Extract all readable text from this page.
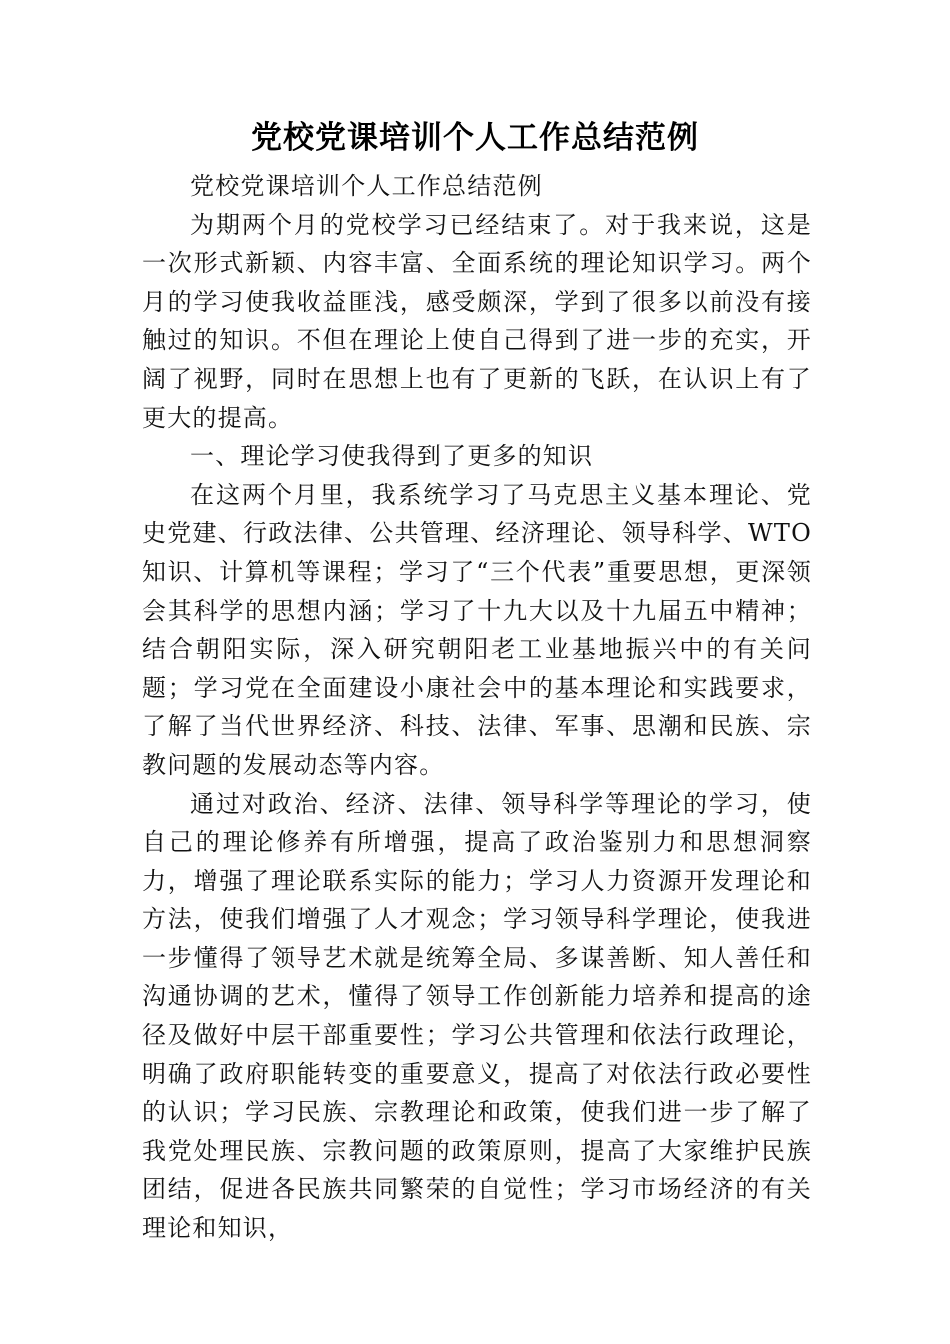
党校党课培训个人工作总结范例

党校党课培训个人工作总结范例

为期两个月的党校学习已经结束了。对于我来说，这是一次形式新颖、内容丰富、全面系统的理论知识学习。两个月的学习使我收益匪浅，感受颇深，学到了很多以前没有接触过的知识。不但在理论上使自己得到了进一步的充实，开阔了视野，同时在思想上也有了更新的飞跃，在认识上有了更大的提高。

一、理论学习使我得到了更多的知识

在这两个月里，我系统学习了马克思主义基本理论、党史党建、行政法律、公共管理、经济理论、领导科学、WTO知识、计算机等课程；学习了“三个代表”重要思想，更深领会其科学的思想内涵；学习了十九大以及十九届五中精神；结合朝阳实际，深入研究朝阳老工业基地振兴中的有关问题；学习党在全面建设小康社会中的基本理论和实践要求，了解了当代世界经济、科技、法律、军事、思潮和民族、宗教问题的发展动态等内容。

通过对政治、经济、法律、领导科学等理论的学习，使自己的理论修养有所增强，提高了政治鉴别力和思想洞察力，增强了理论联系实际的能力；学习人力资源开发理论和方法，使我们增强了人才观念；学习领导科学理论，使我进一步懂得了领导艺术就是统筹全局、多谋善断、知人善任和沟通协调的艺术，懂得了领导工作创新能力培养和提高的途径及做好中层干部重要性；学习公共管理和依法行政理论，明确了政府职能转变的重要意义，提高了对依法行政必要性的认识；学习民族、宗教理论和政策，使我们进一步了解了我党处理民族、宗教问题的政策原则，提高了大家维护民族团结，促进各民族共同繁荣的自觉性；学习市场经济的有关理论和知识，
